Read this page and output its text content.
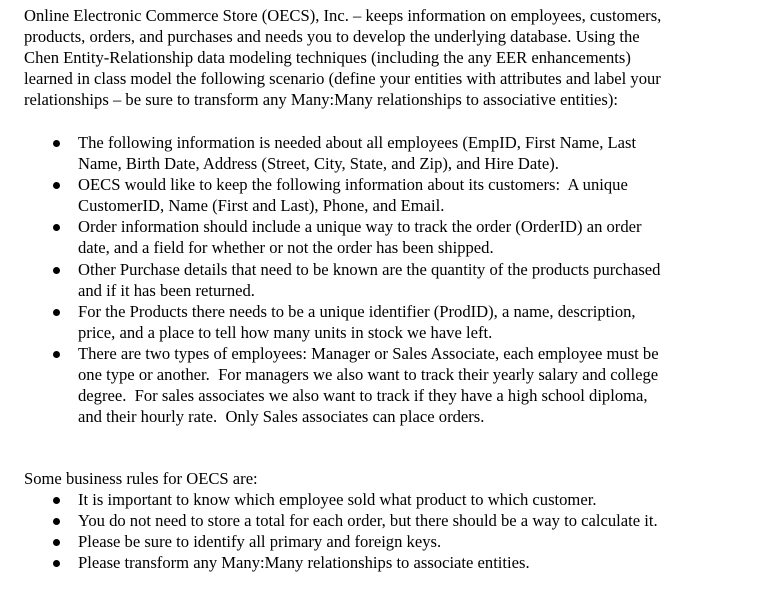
Online Electronic Commerce Store (OECS), Inc. – keeps information on employees, customers,
products, orders, and purchases and needs you to develop the underlying database. Using the
Chen Entity-Relationship data modeling techniques (including the any EER enhancements)
learned in class model the following scenario (define your entities with attributes and label your
relationships – be sure to transform any Many:Many relationships to associative entities):
The following information is needed about all employees (EmpID, First Name, Last
Name, Birth Date, Address (Street, City, State, and Zip), and Hire Date).
OECS would like to keep the following information about its customers:  A unique
CustomerID, Name (First and Last), Phone, and Email.
Order information should include a unique way to track the order (OrderID) an order
date, and a field for whether or not the order has been shipped.
Other Purchase details that need to be known are the quantity of the products purchased
and if it has been returned.
For the Products there needs to be a unique identifier (ProdID), a name, description,
price, and a place to tell how many units in stock we have left.
There are two types of employees: Manager or Sales Associate, each employee must be
one type or another.  For managers we also want to track their yearly salary and college
degree.  For sales associates we also want to track if they have a high school diploma,
and their hourly rate.  Only Sales associates can place orders.
Some business rules for OECS are:
It is important to know which employee sold what product to which customer.
You do not need to store a total for each order, but there should be a way to calculate it.
Please be sure to identify all primary and foreign keys.
Please transform any Many:Many relationships to associate entities.
